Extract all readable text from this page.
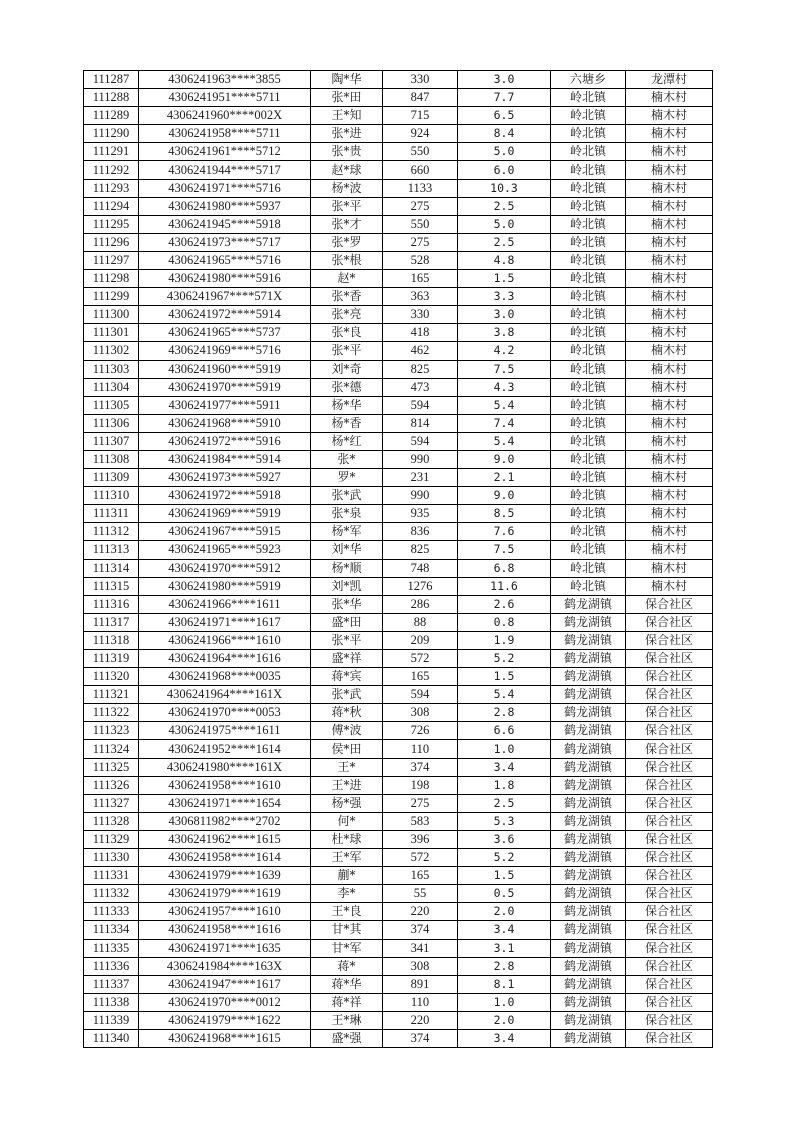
111287	4306241963****3855	陶*华	330	3.0	六塘乡	龙潭村
111288	4306241951****5711	张*田	847	7.7	岭北镇	楠木村
111289	4306241960****002X	王*知	715	6.5	岭北镇	楠木村
111290	4306241958****5711	张*进	924	8.4	岭北镇	楠木村
111291	4306241961****5712	张*贵	550	5.0	岭北镇	楠木村
111292	4306241944****5717	赵*球	660	6.0	岭北镇	楠木村
111293	4306241971****5716	杨*波	1133	10.3	岭北镇	楠木村
111294	4306241980****5937	张*平	275	2.5	岭北镇	楠木村
111295	4306241945****5918	张*才	550	5.0	岭北镇	楠木村
111296	4306241973****5717	张*罗	275	2.5	岭北镇	楠木村
111297	4306241965****5716	张*根	528	4.8	岭北镇	楠木村
111298	4306241980****5916	赵*	165	1.5	岭北镇	楠木村
111299	4306241967****571X	张*香	363	3.3	岭北镇	楠木村
111300	4306241972****5914	张*亮	330	3.0	岭北镇	楠木村
111301	4306241965****5737	张*良	418	3.8	岭北镇	楠木村
111302	4306241969****5716	张*平	462	4.2	岭北镇	楠木村
111303	4306241960****5919	刘*奇	825	7.5	岭北镇	楠木村
111304	4306241970****5919	张*德	473	4.3	岭北镇	楠木村
111305	4306241977****5911	杨*华	594	5.4	岭北镇	楠木村
111306	4306241968****5910	杨*香	814	7.4	岭北镇	楠木村
111307	4306241972****5916	杨*红	594	5.4	岭北镇	楠木村
111308	4306241984****5914	张*	990	9.0	岭北镇	楠木村
111309	4306241973****5927	罗*	231	2.1	岭北镇	楠木村
111310	4306241972****5918	张*武	990	9.0	岭北镇	楠木村
111311	4306241969****5919	张*泉	935	8.5	岭北镇	楠木村
111312	4306241967****5915	杨*军	836	7.6	岭北镇	楠木村
111313	4306241965****5923	刘*华	825	7.5	岭北镇	楠木村
111314	4306241970****5912	杨*顺	748	6.8	岭北镇	楠木村
111315	4306241980****5919	刘*凯	1276	11.6	岭北镇	楠木村
111316	4306241966****1611	张*华	286	2.6	鹤龙湖镇	保合社区
111317	4306241971****1617	盛*田	88	0.8	鹤龙湖镇	保合社区
111318	4306241966****1610	张*平	209	1.9	鹤龙湖镇	保合社区
111319	4306241964****1616	盛*祥	572	5.2	鹤龙湖镇	保合社区
111320	4306241968****0035	蒋*宾	165	1.5	鹤龙湖镇	保合社区
111321	4306241964****161X	张*武	594	5.4	鹤龙湖镇	保合社区
111322	4306241970****0053	蒋*秋	308	2.8	鹤龙湖镇	保合社区
111323	4306241975****1611	傅*波	726	6.6	鹤龙湖镇	保合社区
111324	4306241952****1614	侯*田	110	1.0	鹤龙湖镇	保合社区
111325	4306241980****161X	王*	374	3.4	鹤龙湖镇	保合社区
111326	4306241958****1610	王*进	198	1.8	鹤龙湖镇	保合社区
111327	4306241971****1654	杨*强	275	2.5	鹤龙湖镇	保合社区
111328	4306811982****2702	何*	583	5.3	鹤龙湖镇	保合社区
111329	4306241962****1615	杜*球	396	3.6	鹤龙湖镇	保合社区
111330	4306241958****1614	王*军	572	5.2	鹤龙湖镇	保合社区
111331	4306241979****1639	蒯*	165	1.5	鹤龙湖镇	保合社区
111332	4306241979****1619	李*	55	0.5	鹤龙湖镇	保合社区
111333	4306241957****1610	王*良	220	2.0	鹤龙湖镇	保合社区
111334	4306241958****1616	甘*其	374	3.4	鹤龙湖镇	保合社区
111335	4306241971****1635	甘*军	341	3.1	鹤龙湖镇	保合社区
111336	4306241984****163X	蒋*	308	2.8	鹤龙湖镇	保合社区
111337	4306241947****1617	蒋*华	891	8.1	鹤龙湖镇	保合社区
111338	4306241970****0012	蒋*祥	110	1.0	鹤龙湖镇	保合社区
111339	4306241979****1622	王*琳	220	2.0	鹤龙湖镇	保合社区
111340	4306241968****1615	盛*强	374	3.4	鹤龙湖镇	保合社区
